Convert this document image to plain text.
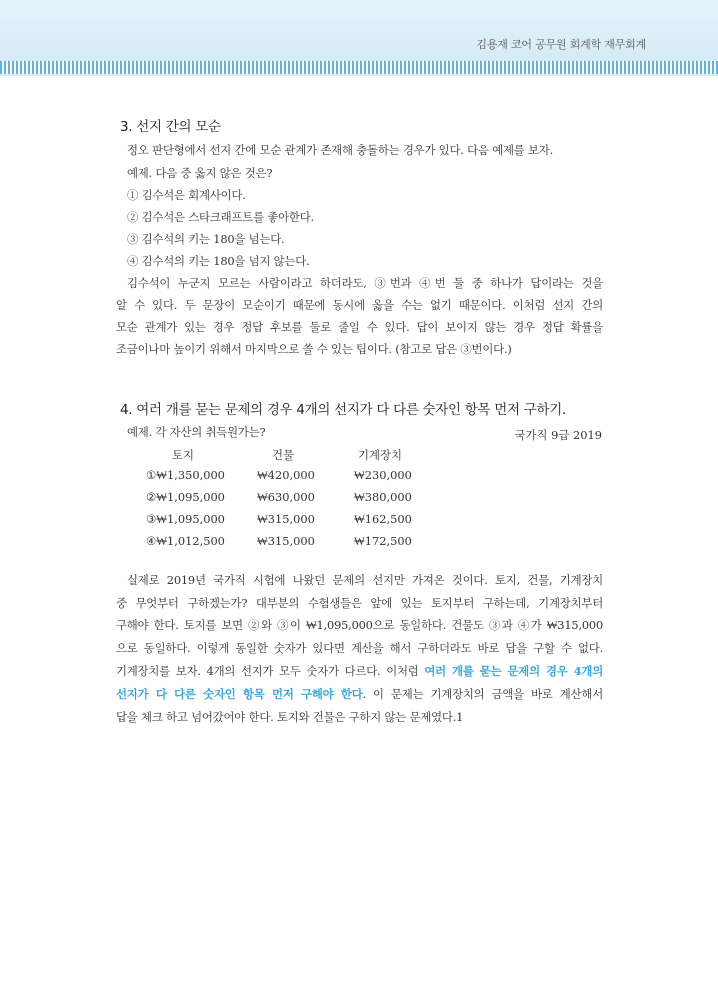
김용재 코어 공무원 회계학 재무회계
3. 선지 간의 모순
정오 판단형에서 선지 간에 모순 관계가 존재해 충돌하는 경우가 있다. 다음 예제를 보자.
예제. 다음 중 옳지 않은 것은?
① 김수석은 회계사이다.
② 김수석은 스타크래프트를 좋아한다.
③ 김수석의 키는 180을 넘는다.
④ 김수석의 키는 180을 넘지 않는다.
김수석이 누군지 모르는 사람이라고 하더라도, ③번과 ④번 둘 중 하나가 답이라는 것을
알 수 있다. 두 문장이 모순이기 때문에 동시에 옳을 수는 없기 때문이다. 이처럼 선지 간의
모순 관계가 있는 경우 정답 후보를 둘로 줄일 수 있다. 답이 보이지 않는 경우 정답 확률을
조금이나마 높이기 위해서 마지막으로 쓸 수 있는 팁이다. (참고로 답은 ③번이다.)
4. 여러 개를 묻는 문제의 경우 4개의 선지가 다 다른 숫자인 항목 먼저 구하기.
예제. 각 자산의 취득원가는?	국가직 9급 2019
토지	건물	기계장치
①₩1,350,000	₩420,000	₩230,000
②₩1,095,000	₩630,000	₩380,000
③₩1,095,000	₩315,000	₩162,500
④₩1,012,500	₩315,000	₩172,500
실제로 2019년 국가직 시험에 나왔던 문제의 선지만 가져온 것이다. 토지, 건물, 기계장치
중 무엇부터 구하겠는가? 대부분의 수험생들은 앞에 있는 토지부터 구하는데, 기계장치부터
구해야 한다. 토지를 보면 ②와 ③이 ₩1,095,000으로 동일하다. 건물도 ③과 ④가 ₩315,000
으로 동일하다. 이렇게 동일한 숫자가 있다면 계산을 해서 구하더라도 바로 답을 구할 수 없다.
기계장치를 보자. 4개의 선지가 모두 숫자가 다르다. 이처럼 여러 개를 묻는 문제의 경우 4개의
선지가 다 다른 숫자인 항목 먼저 구해야 한다. 이 문제는 기계장치의 금액을 바로 계산해서
답을 체크 하고 넘어갔어야 한다. 토지와 건물은 구하지 않는 문제였다.1
